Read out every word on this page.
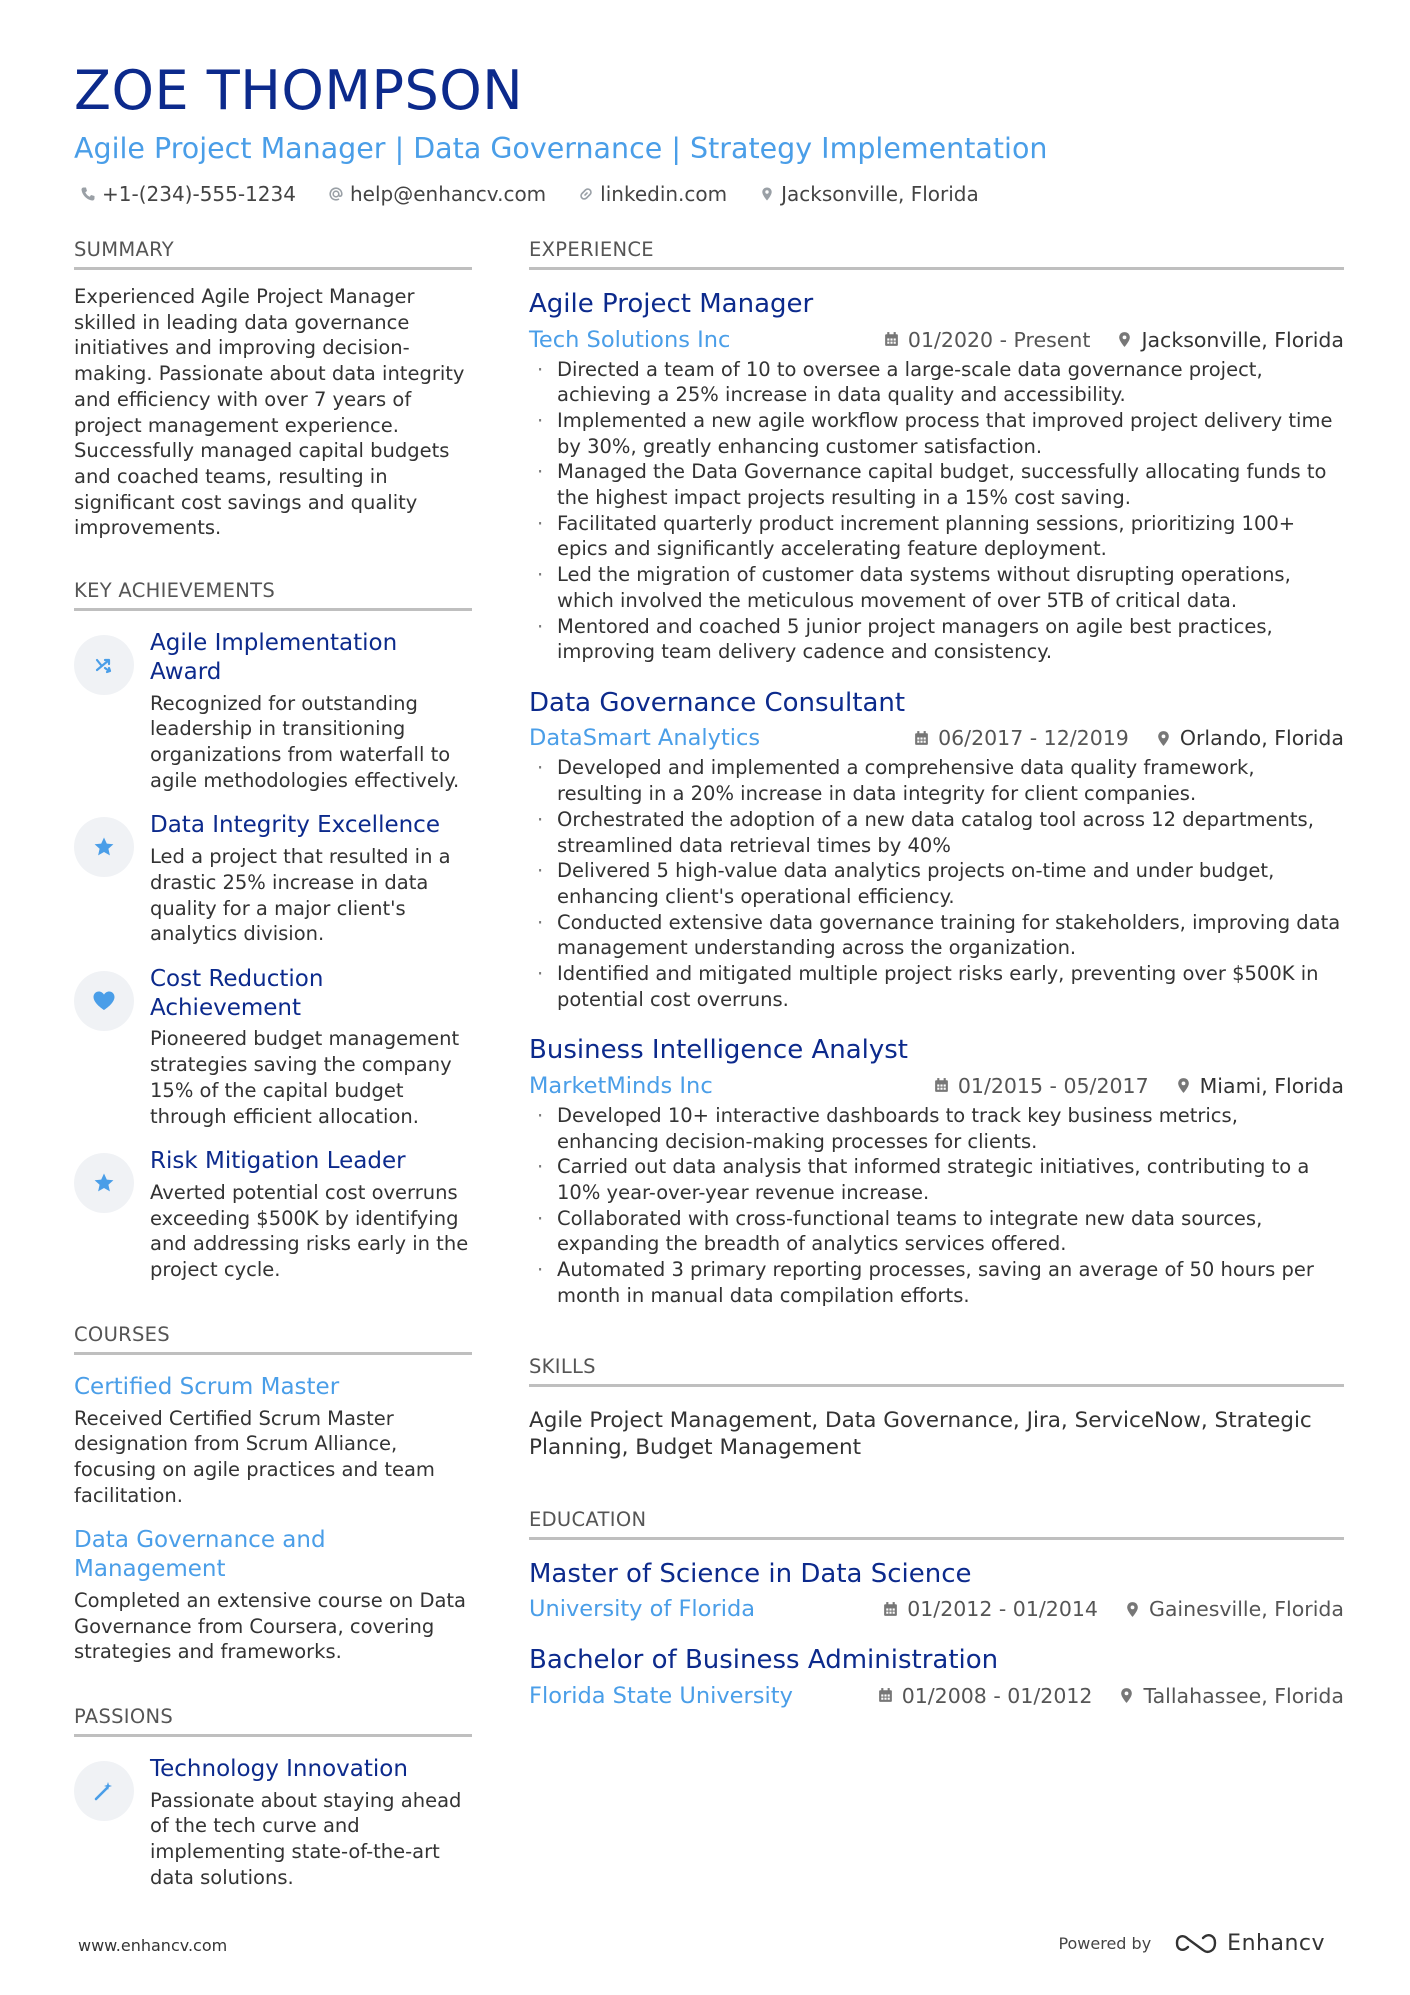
ZOE THOMPSON
Agile Project Manager | Data Governance | Strategy Implementation
+1-(234)-555-1234	help@enhancv.com	linkedin.com	Jacksonville, Florida
SUMMARY
Experienced Agile Project Manager skilled in leading data governance initiatives and improving decision-making. Passionate about data integrity and efficiency with over 7 years of project management experience. Successfully managed capital budgets and coached teams, resulting in significant cost savings and quality improvements.
KEY ACHIEVEMENTS
Agile Implementation Award
Recognized for outstanding leadership in transitioning organizations from waterfall to agile methodologies effectively.
Data Integrity Excellence
Led a project that resulted in a drastic 25% increase in data quality for a major client's analytics division.
Cost Reduction Achievement
Pioneered budget management strategies saving the company 15% of the capital budget through efficient allocation.
Risk Mitigation Leader
Averted potential cost overruns exceeding $500K by identifying and addressing risks early in the project cycle.
COURSES
Certified Scrum Master
Received Certified Scrum Master designation from Scrum Alliance, focusing on agile practices and team facilitation.
Data Governance and Management
Completed an extensive course on Data Governance from Coursera, covering strategies and frameworks.
PASSIONS
Technology Innovation
Passionate about staying ahead of the tech curve and implementing state-of-the-art data solutions.
EXPERIENCE
Agile Project Manager
Tech Solutions Inc	01/2020 - Present Jacksonville, Florida
· Directed a team of 10 to oversee a large-scale data governance project, achieving a 25% increase in data quality and accessibility.
· Implemented a new agile workflow process that improved project delivery time by 30%, greatly enhancing customer satisfaction.
· Managed the Data Governance capital budget, successfully allocating funds to the highest impact projects resulting in a 15% cost saving.
· Facilitated quarterly product increment planning sessions, prioritizing 100+ epics and significantly accelerating feature deployment.
· Led the migration of customer data systems without disrupting operations, which involved the meticulous movement of over 5TB of critical data.
· Mentored and coached 5 junior project managers on agile best practices, improving team delivery cadence and consistency.
Data Governance Consultant
DataSmart Analytics	06/2017 - 12/2019 Orlando, Florida
· Developed and implemented a comprehensive data quality framework, resulting in a 20% increase in data integrity for client companies.
· Orchestrated the adoption of a new data catalog tool across 12 departments, streamlined data retrieval times by 40%
· Delivered 5 high-value data analytics projects on-time and under budget, enhancing client's operational efficiency.
· Conducted extensive data governance training for stakeholders, improving data management understanding across the organization.
· Identified and mitigated multiple project risks early, preventing over $500K in potential cost overruns.
Business Intelligence Analyst
MarketMinds Inc	01/2015 - 05/2017 Miami, Florida
· Developed 10+ interactive dashboards to track key business metrics, enhancing decision-making processes for clients.
· Carried out data analysis that informed strategic initiatives, contributing to a 10% year-over-year revenue increase.
· Collaborated with cross-functional teams to integrate new data sources, expanding the breadth of analytics services offered.
· Automated 3 primary reporting processes, saving an average of 50 hours per month in manual data compilation efforts.
SKILLS
Agile Project Management, Data Governance, Jira, ServiceNow, Strategic Planning, Budget Management
EDUCATION
Master of Science in Data Science
University of Florida	01/2012 - 01/2014 Gainesville, Florida
Bachelor of Business Administration
Florida State University	01/2008 - 01/2012 Tallahassee, Florida
www.enhancv.com	Powered by	Enhancv
